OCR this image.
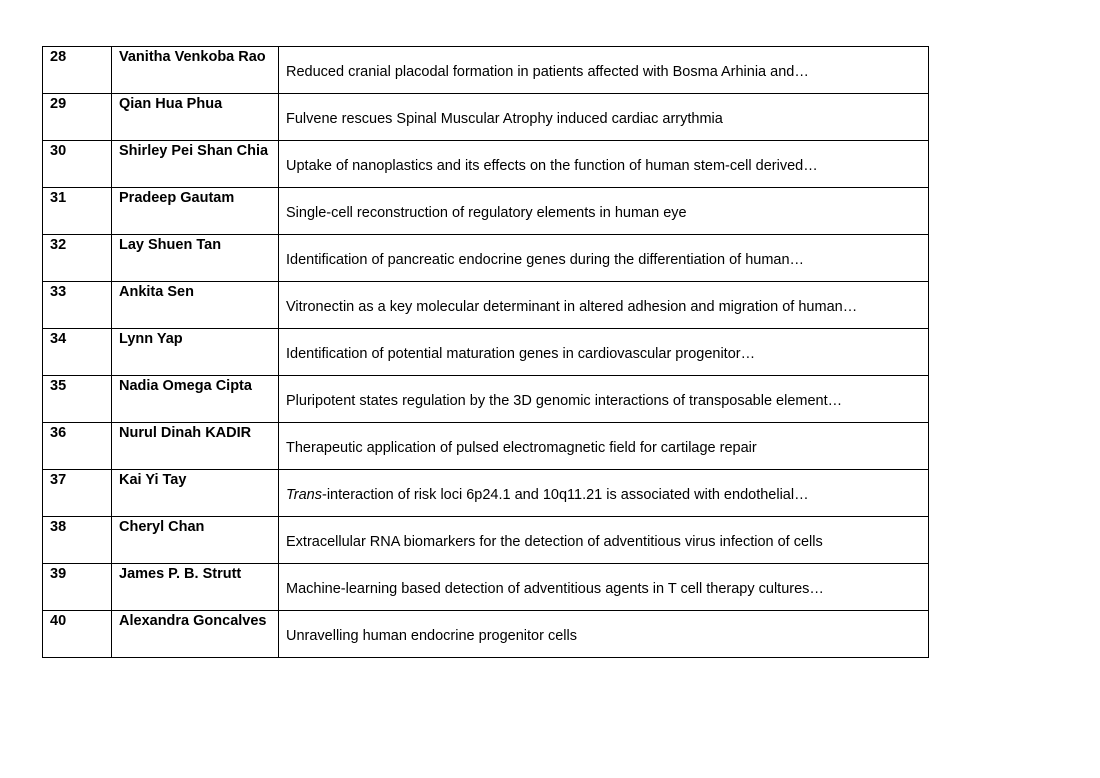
28	Vanitha Venkoba Rao	Reduced cranial placodal formation in patients affected with Bosma Arhinia and…
29	Qian Hua Phua	Fulvene rescues Spinal Muscular Atrophy induced cardiac arrythmia
30	Shirley Pei Shan Chia	Uptake of nanoplastics and its effects on the function of human stem-cell derived…
31	Pradeep Gautam	Single-cell reconstruction of regulatory elements in human eye
32	Lay Shuen Tan	Identification of pancreatic endocrine genes during the differentiation of human…
33	Ankita Sen	Vitronectin as a key molecular determinant in altered adhesion and migration of human…
34	Lynn Yap	Identification of potential maturation genes in cardiovascular progenitor…
35	Nadia Omega Cipta	Pluripotent states regulation by the 3D genomic interactions of transposable element…
36	Nurul Dinah KADIR	Therapeutic application of pulsed electromagnetic field for cartilage repair
37	Kai Yi Tay	Trans-interaction of risk loci 6p24.1 and 10q11.21 is associated with endothelial…
38	Cheryl Chan	Extracellular RNA biomarkers for the detection of adventitious virus infection of cells
39	James P. B. Strutt	Machine-learning based detection of adventitious agents in T cell therapy cultures…
40	Alexandra Goncalves	Unravelling human endocrine progenitor cells
